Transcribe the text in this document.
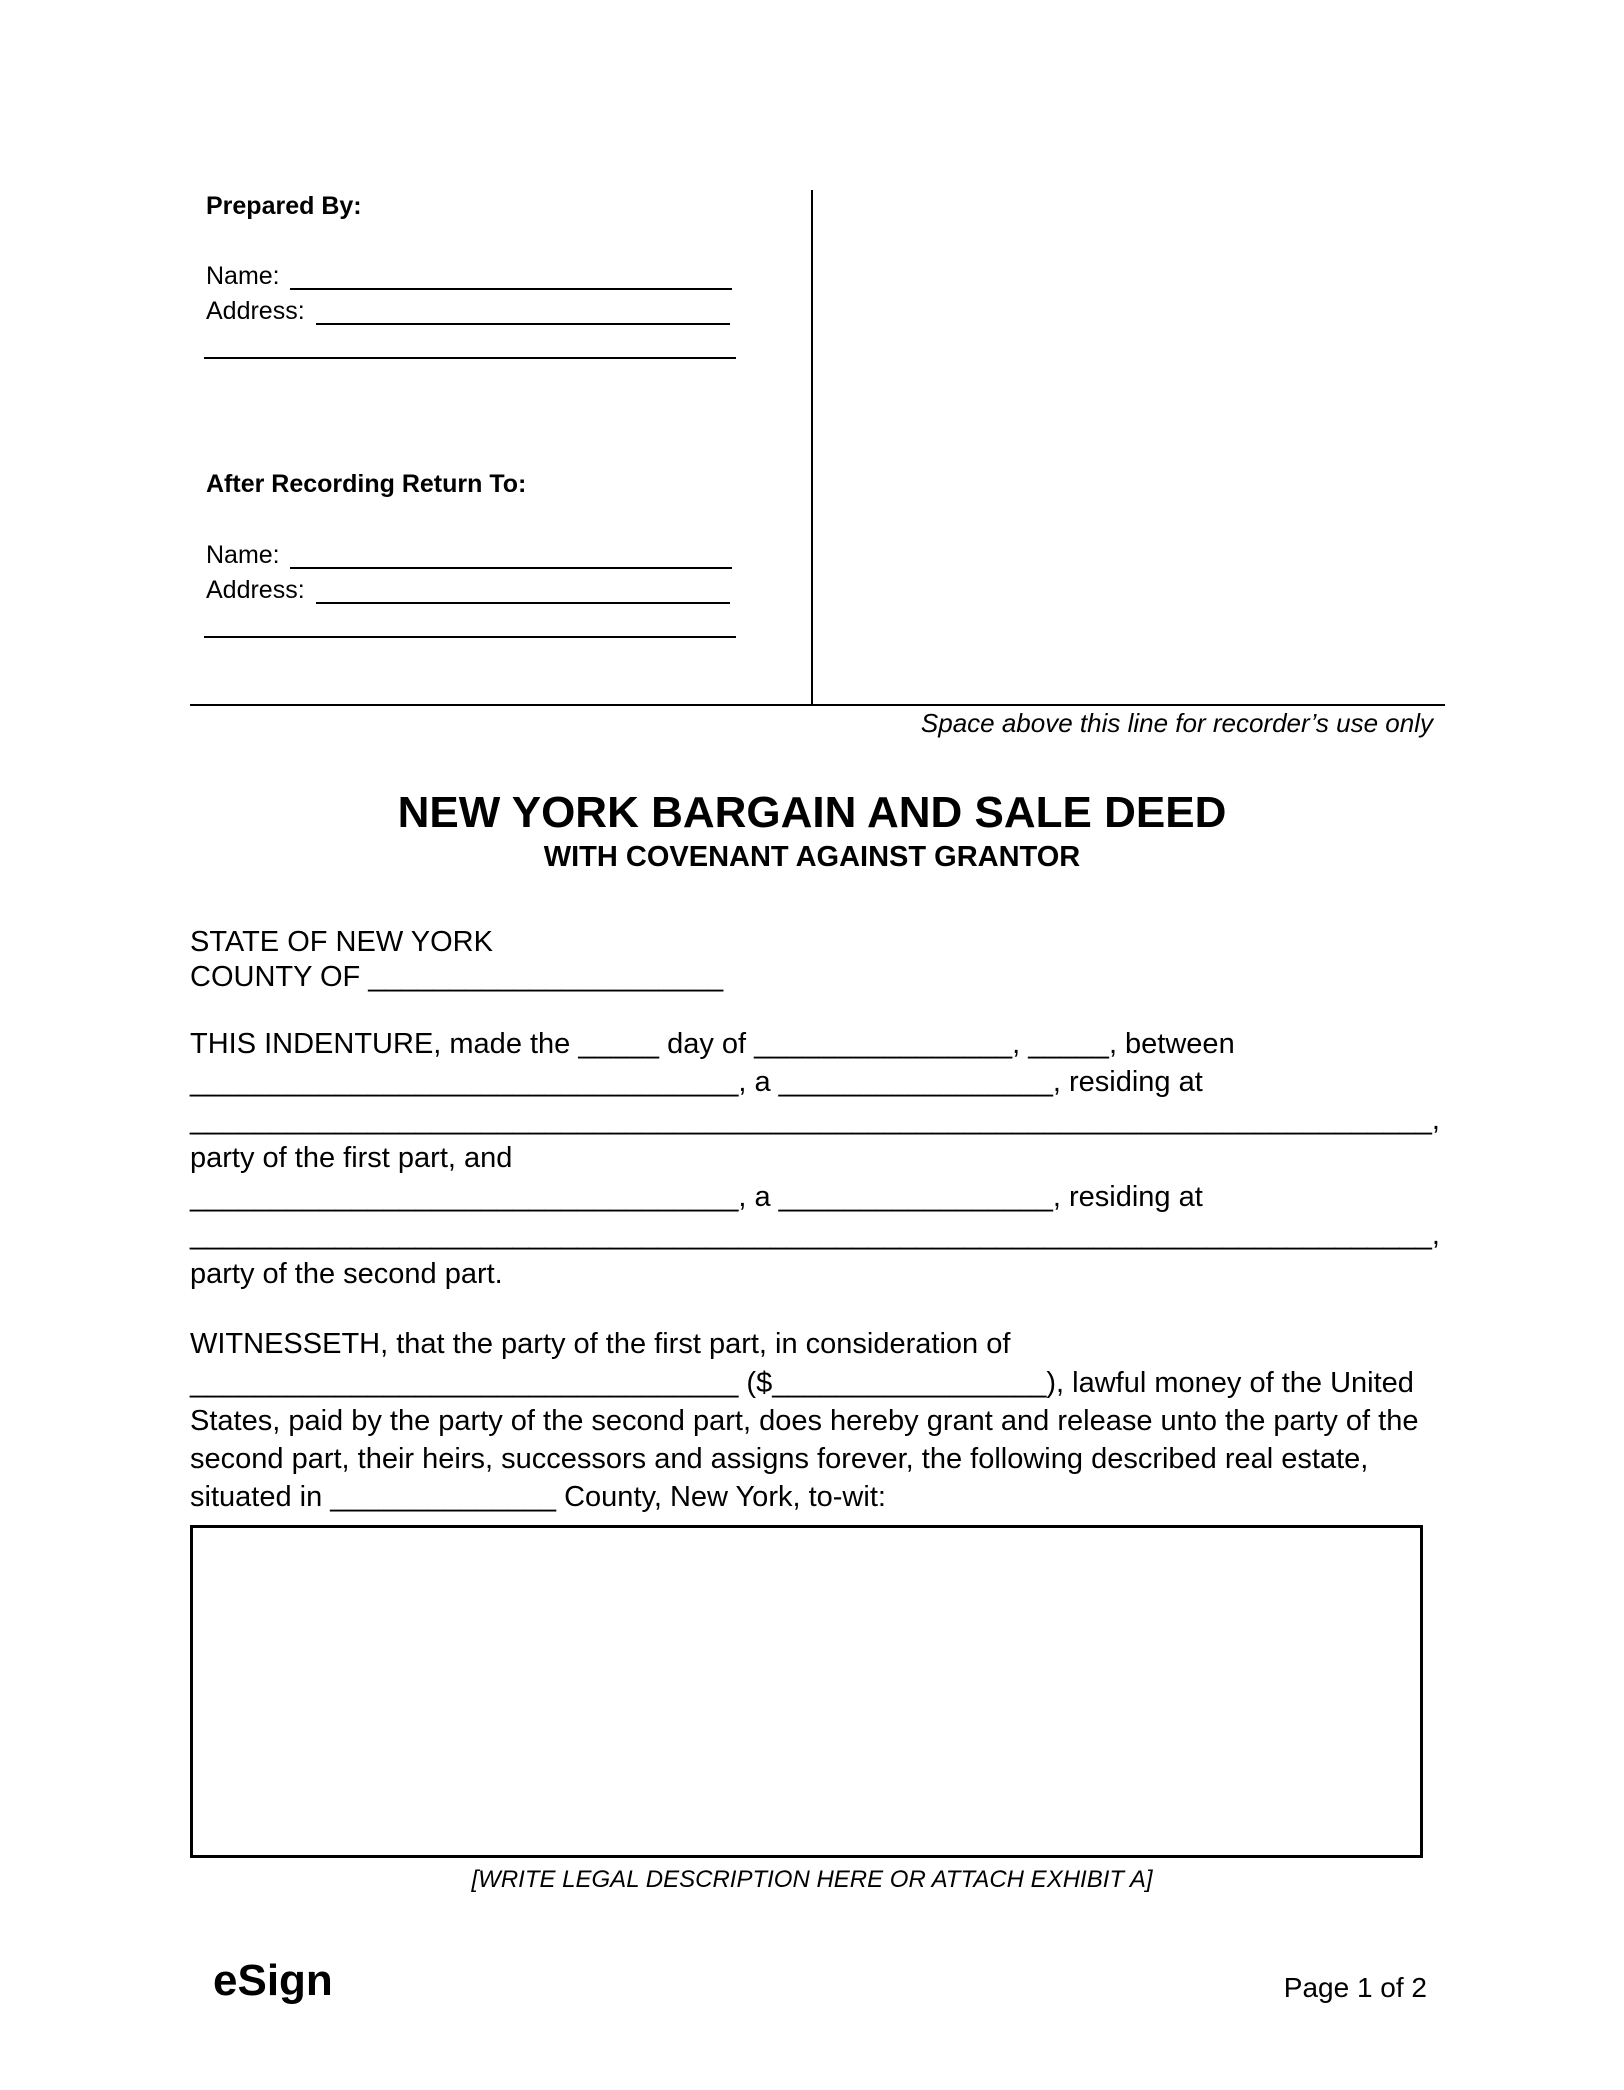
Prepared By:
Name:
Address:
After Recording Return To:
Name:
Address:
Space above this line for recorder’s use only
NEW YORK BARGAIN AND SALE DEED
WITH COVENANT AGAINST GRANTOR
STATE OF NEW YORK
COUNTY OF ______________________
THIS INDENTURE, made the _____ day of ________________, _____, between
__________________________________, a _________________, residing at
_____________________________________________________________________________,
party of the first part, and
__________________________________, a _________________, residing at
_____________________________________________________________________________,
party of the second part.
WITNESSETH, that the party of the first part, in consideration of
__________________________________ ($_________________), lawful money of the United
States, paid by the party of the second part, does hereby grant and release unto the party of the
second part, their heirs, successors and assigns forever, the following described real estate,
situated in ______________ County, New York, to-wit:
[WRITE LEGAL DESCRIPTION HERE OR ATTACH EXHIBIT A]
eSign	Page 1 of 2
